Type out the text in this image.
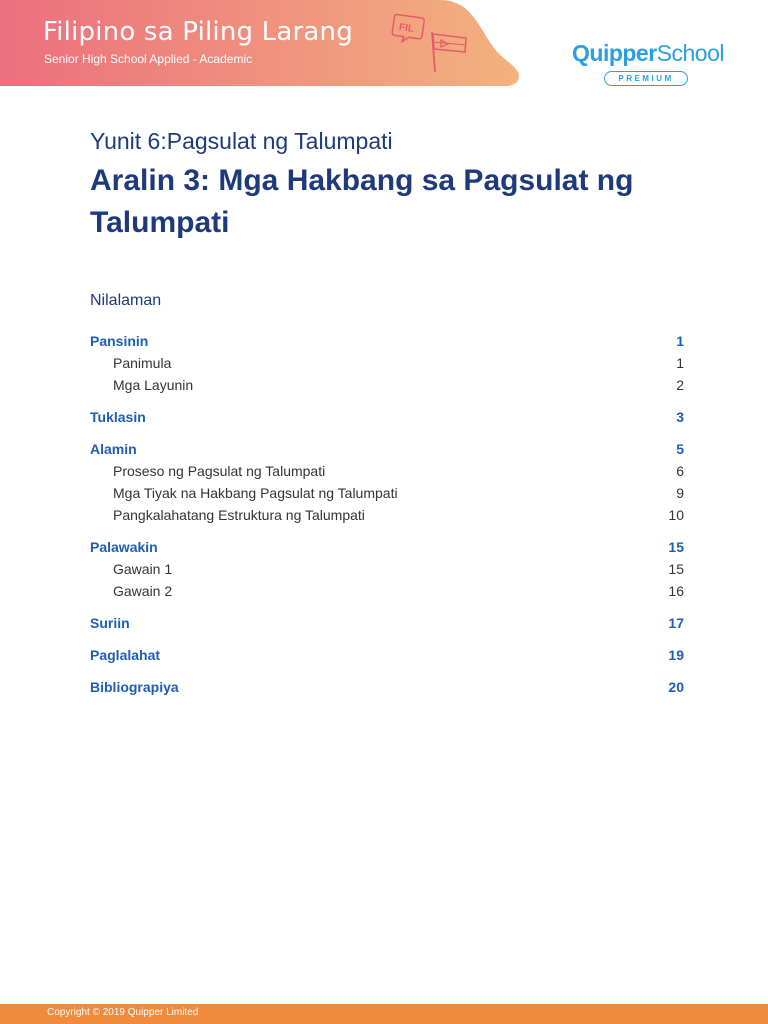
FIL
Filipino sa Piling Larang
Senior High School Applied - Academic	QuipperSchool
PREMIUM
Yunit 6:Pagsulat ng Talumpati
Aralin 3: Mga Hakbang sa Pagsulat ng Talumpati
Nilalaman
Pansinin	1
Panimula	1
Mga Layunin	2
Tuklasin	3
Alamin	5
Proseso ng Pagsulat ng Talumpati	6
Mga Tiyak na Hakbang Pagsulat ng Talumpati	9
Pangkalahatang Estruktura ng Talumpati	10
Palawakin	15
Gawain 1	15
Gawain 2	16
Suriin	17
Paglalahat	19
Bibliograpiya	20
Copyright © 2019 Quipper Limited
